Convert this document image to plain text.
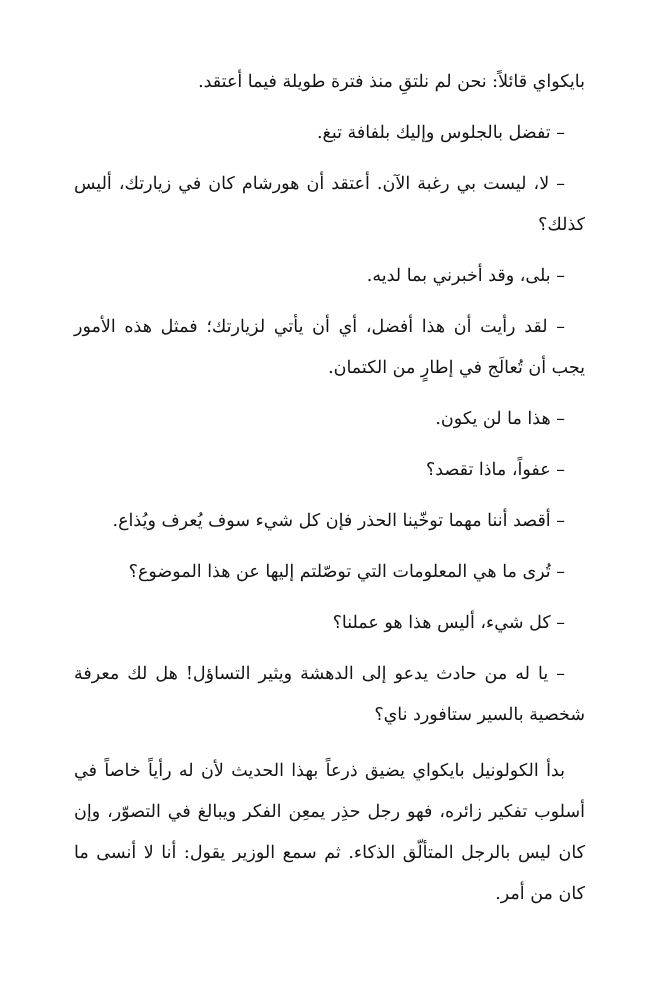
بايكواي قائلاً: نحن لم نلتقِ منذ فترة طويلة فيما أعتقد.

– تفضل بالجلوس وإليك بلفافة تبغ.

– لا، ليست بي رغبة الآن. أعتقد أن هورشام كان في زيارتك، أليس كذلك؟

– بلى، وقد أخبرني بما لديه.

– لقد رأيت أن هذا أفضل، أي أن يأتي لزيارتك؛ فمثل هذه الأمور يجب أن تُعالَج في إطارٍ من الكتمان.

– هذا ما لن يكون.

– عفواً، ماذا تقصد؟

– أقصد أننا مهما توخّينا الحذر فإن كل شيء سوف يُعرف ويُذاع.

– تُرى ما هي المعلومات التي توصّلتم إليها عن هذا الموضوع؟

– كل شيء، أليس هذا هو عملنا؟

– يا له من حادث يدعو إلى الدهشة ويثير التساؤل! هل لك معرفة شخصية بالسير ستافورد ناي؟

بدأ الكولونيل بايكواي يضيق ذرعاً بهذا الحديث لأن له رأياً خاصاً في أسلوب تفكير زائره، فهو رجل حذِر يمعِن الفكر ويبالغ في التصوّر، وإن كان ليس بالرجل المتألّق الذكاء. ثم سمع الوزير يقول: أنا لا أنسى ما كان من أمر.
